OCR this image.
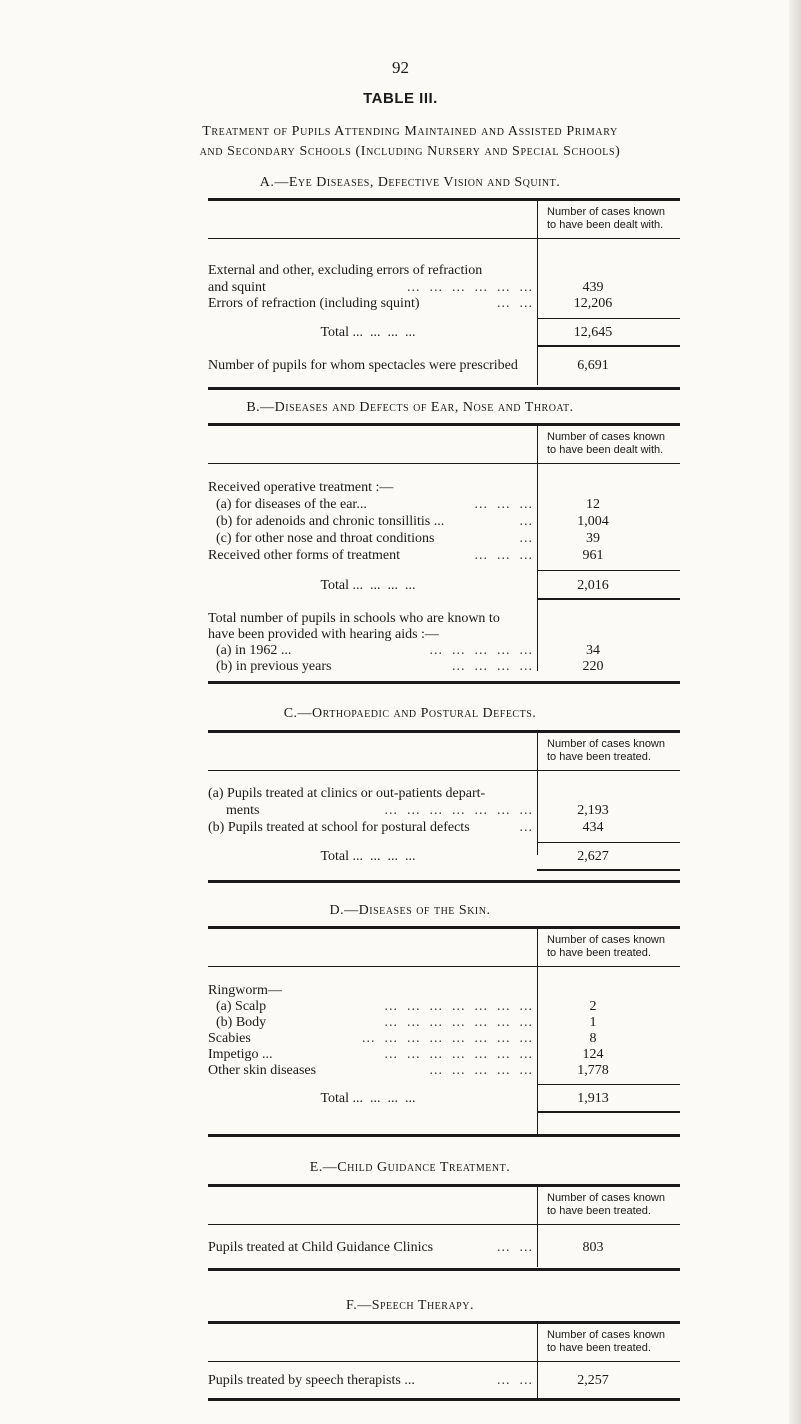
92
TABLE III.
Treatment of Pupils Attending Maintained and Assisted Primary
and Secondary Schools (Including Nursery and Special Schools)
A.—Eye Diseases, Defective Vision and Squint.
Number of cases known
to have been dealt with.
External and other, excluding errors of refraction
and squint	...  ...  ...  ...  ...  ...	439
Errors of refraction (including squint)	...  ...	12,206
Total ...  ...  ...  ...	12,645
Number of pupils for whom spectacles were prescribed	6,691
B.—Diseases and Defects of Ear, Nose and Throat.
Number of cases known
to have been dealt with.
Received operative treatment :—
(a) for diseases of the ear...	...  ...  ...	12
(b) for adenoids and chronic tonsillitis ...	...	1,004
(c) for other nose and throat conditions	...	39
Received other forms of treatment	...  ...  ...	961
Total ...  ...  ...  ...	2,016
Total number of pupils in schools who are known to
have been provided with hearing aids :—
(a) in 1962 ...	...  ...  ...  ...  ...	34
(b) in previous years	...  ...  ...  ...	220
C.—Orthopaedic and Postural Defects.
Number of cases known
to have been treated.
(a) Pupils treated at clinics or out-patients depart-
ments	...  ...  ...  ...  ...  ...  ...	2,193
(b) Pupils treated at school for postural defects	...	434
Total ...  ...  ...  ...	2,627
D.—Diseases of the Skin.
Number of cases known
to have been treated.
Ringworm—
(a) Scalp	...  ...  ...  ...  ...  ...  ...	2
(b) Body	...  ...  ...  ...  ...  ...  ...	1
Scabies	...  ...  ...  ...  ...  ...  ...  ...	8
Impetigo ...	...  ...  ...  ...  ...  ...  ...	124
Other skin diseases	...  ...  ...  ...  ...	1,778
Total ...  ...  ...  ...	1,913
E.—Child Guidance Treatment.
Number of cases known
to have been treated.
Pupils treated at Child Guidance Clinics	...  ...	803
F.—Speech Therapy.
Number of cases known
to have been treated.
Pupils treated by speech therapists ...	...  ...	2,257
